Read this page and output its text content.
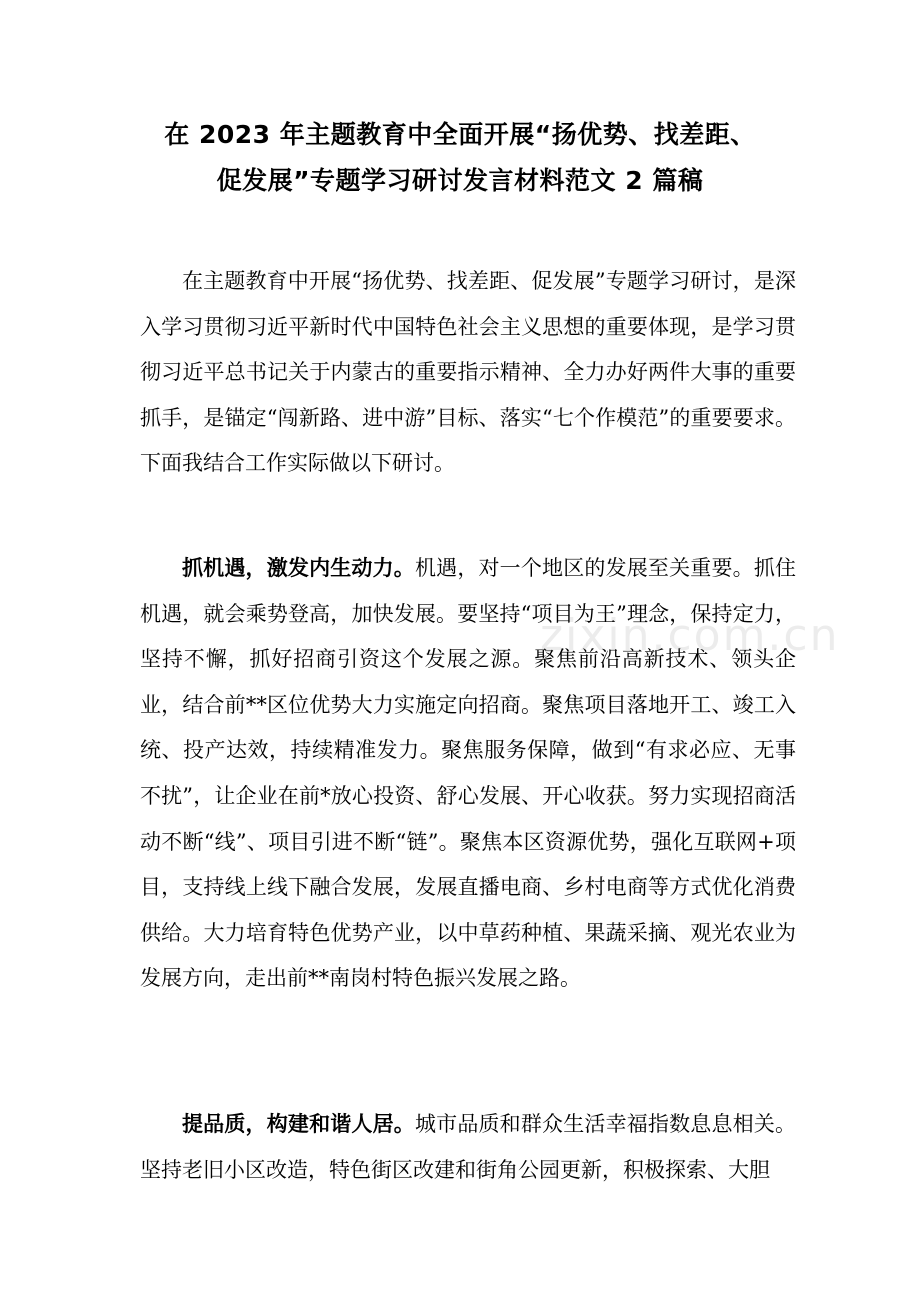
在 2023 年主题教育中全面开展“扬优势、找差距、
促发展”专题学习研讨发言材料范文 2 篇稿

在主题教育中开展“扬优势、找差距、促发展”专题学习研讨，是深入学习贯彻习近平新时代中国特色社会主义思想的重要体现，是学习贯彻习近平总书记关于内蒙古的重要指示精神、全力办好两件大事的重要抓手，是锚定“闯新路、进中游”目标、落实“七个作模范”的重要要求。下面我结合工作实际做以下研讨。

抓机遇，激发内生动力。机遇，对一个地区的发展至关重要。抓住机遇，就会乘势登高，加快发展。要坚持“项目为王”理念，保持定力，坚持不懈，抓好招商引资这个发展之源。聚焦前沿高新技术、领头企业，结合前**区位优势大力实施定向招商。聚焦项目落地开工、竣工入统、投产达效，持续精准发力。聚焦服务保障，做到“有求必应、无事不扰”，让企业在前*放心投资、舒心发展、开心收获。努力实现招商活动不断“线”、项目引进不断“链”。聚焦本区资源优势，强化互联网+项目，支持线上线下融合发展，发展直播电商、乡村电商等方式优化消费供给。大力培育特色优势产业，以中草药种植、果蔬采摘、观光农业为发展方向，走出前**南岗村特色振兴发展之路。

提品质，构建和谐人居。城市品质和群众生活幸福指数息息相关。坚持老旧小区改造，特色街区改建和街角公园更新，积极探索、大胆

zixin.com.cn
